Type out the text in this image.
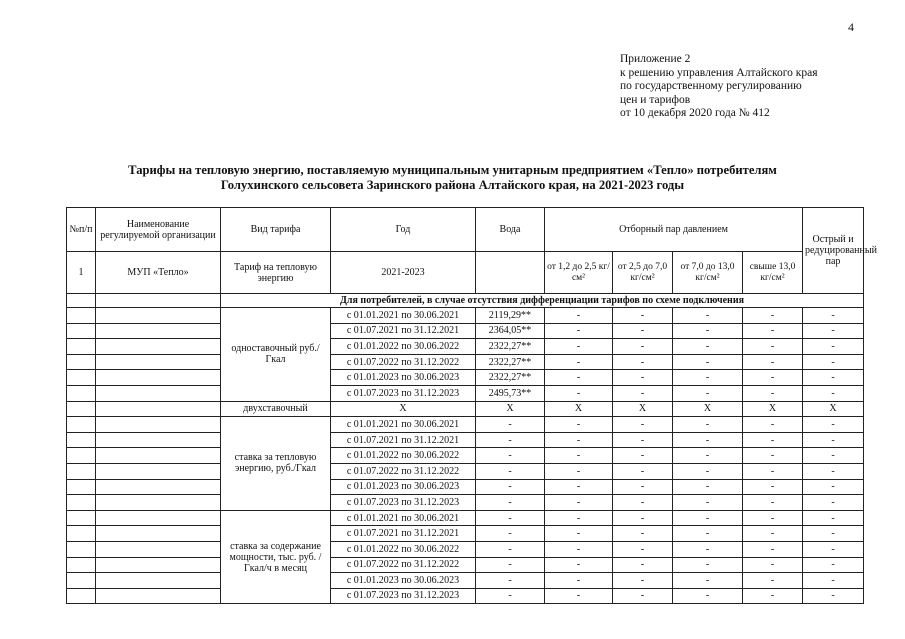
4
Приложение 2
к решению управления Алтайского края
по государственному регулированию
цен и тарифов
от 10 декабря 2020 года № 412
Тарифы на тепловую энергию, поставляемую муниципальным унитарным предприятием «Тепло» потребителям
Голухинского сельсовета Заринского района Алтайского края, на 2021-2023 годы
№п/п	Наименование регулируемой организации	Вид тарифа	Год	Вода	Отборный пар давлением				Острый и редуцированный пар
1	МУП «Тепло»	Тариф на тепловую энергию	2021-2023		от 1,2 до 2,5 кг/см²	от 2,5 до 7,0 кг/см²	от 7,0 до 13,0 кг/см²	свыше 13,0 кг/см²	
		Для потребителей, в случае отсутствия дифференциации тарифов по схеме подключения							
		одноставочный руб./Гкал	с 01.01.2021 по 30.06.2021	2119,29**	-	-	-	-	-
			с 01.07.2021 по 31.12.2021	2364,05**	-	-	-	-	-
			с 01.01.2022 по 30.06.2022	2322,27**	-	-	-	-	-
			с 01.07.2022 по 31.12.2022	2322,27**	-	-	-	-	-
			с 01.01.2023 по 30.06.2023	2322,27**	-	-	-	-	-
			с 01.07.2023 по 31.12.2023	2495,73**	-	-	-	-	-
		двухставочный	X	X	X	X	X	X	X
		ставка за тепловую энергию, руб./Гкал	с 01.01.2021 по 30.06.2021	-	-	-	-	-	-
			с 01.07.2021 по 31.12.2021	-	-	-	-	-	-
			с 01.01.2022 по 30.06.2022	-	-	-	-	-	-
			с 01.07.2022 по 31.12.2022	-	-	-	-	-	-
			с 01.01.2023 по 30.06.2023	-	-	-	-	-	-
			с 01.07.2023 по 31.12.2023	-	-	-	-	-	-
		ставка за содержание мощности, тыс. руб. /Гкал/ч в месяц	с 01.01.2021 по 30.06.2021	-	-	-	-	-	-
			с 01.07.2021 по 31.12.2021	-	-	-	-	-	-
			с 01.01.2022 по 30.06.2022	-	-	-	-	-	-
			с 01.07.2022 по 31.12.2022	-	-	-	-	-	-
			с 01.01.2023 по 30.06.2023	-	-	-	-	-	-
			с 01.07.2023 по 31.12.2023	-	-	-	-	-	-
